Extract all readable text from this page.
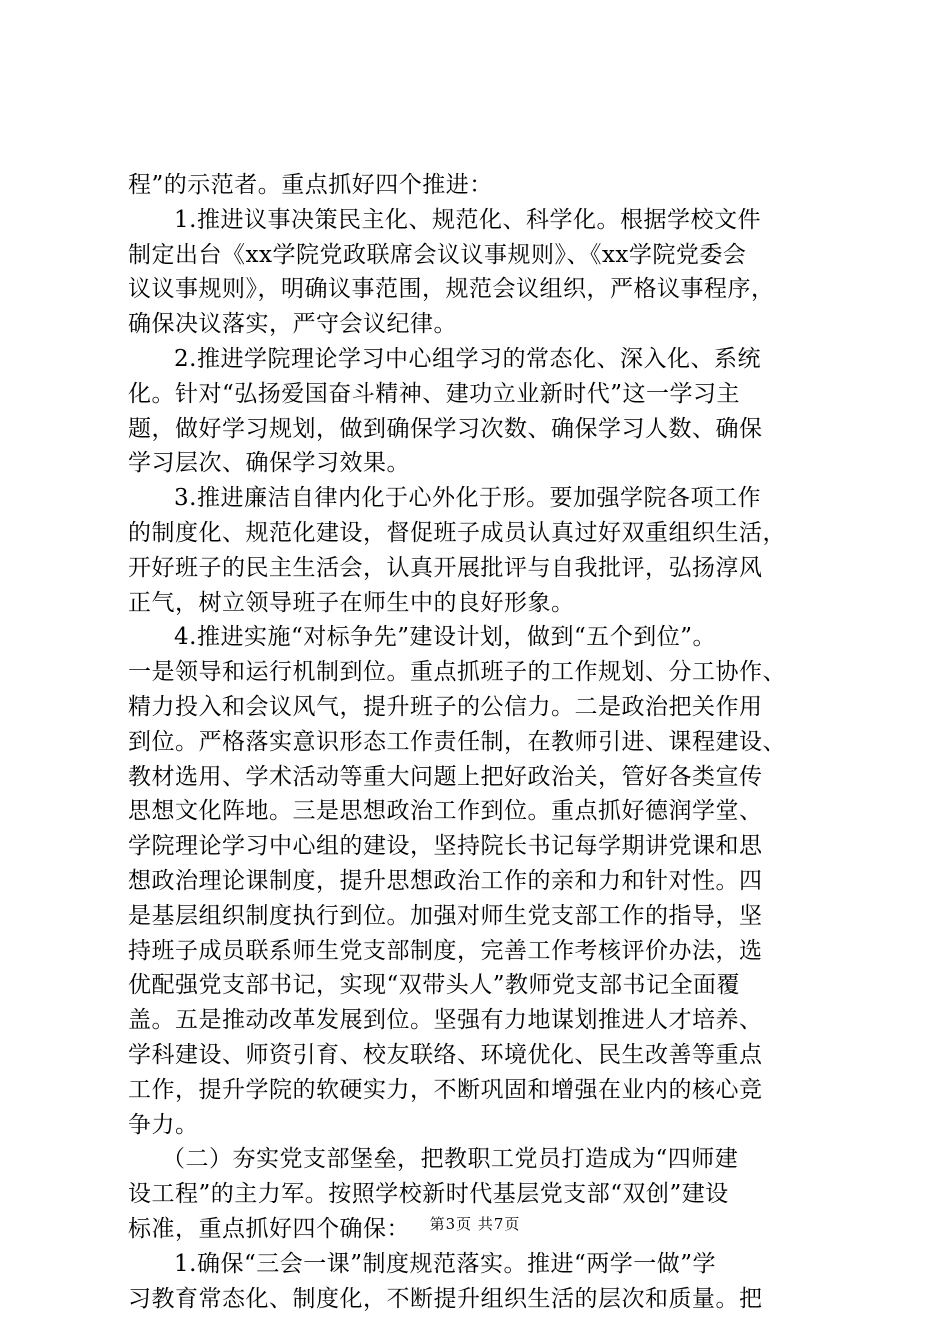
程”的示范者。重点抓好四个推进：
1.推进议事决策民主化、规范化、科学化。根据学校文件
制定出台《xx学院党政联席会议议事规则》、《xx学院党委会
议议事规则》，明确议事范围，规范会议组织，严格议事程序，
确保决议落实，严守会议纪律。
2.推进学院理论学习中心组学习的常态化、深入化、系统
化。针对“弘扬爱国奋斗精神、建功立业新时代”这一学习主
题，做好学习规划，做到确保学习次数、确保学习人数、确保
学习层次、确保学习效果。
3.推进廉洁自律内化于心外化于形。要加强学院各项工作
的制度化、规范化建设，督促班子成员认真过好双重组织生活，
开好班子的民主生活会，认真开展批评与自我批评，弘扬淳风
正气，树立领导班子在师生中的良好形象。
4.推进实施“对标争先”建设计划，做到“五个到位”。
一是领导和运行机制到位。重点抓班子的工作规划、分工协作、
精力投入和会议风气，提升班子的公信力。二是政治把关作用
到位。严格落实意识形态工作责任制，在教师引进、课程建设、
教材选用、学术活动等重大问题上把好政治关，管好各类宣传
思想文化阵地。三是思想政治工作到位。重点抓好德润学堂、
学院理论学习中心组的建设，坚持院长书记每学期讲党课和思
想政治理论课制度，提升思想政治工作的亲和力和针对性。四
是基层组织制度执行到位。加强对师生党支部工作的指导，坚
持班子成员联系师生党支部制度，完善工作考核评价办法，选
优配强党支部书记，实现“双带头人”教师党支部书记全面覆
盖。五是推动改革发展到位。坚强有力地谋划推进人才培养、
学科建设、师资引育、校友联络、环境优化、民生改善等重点
工作，提升学院的软硬实力，不断巩固和增强在业内的核心竞
争力。
（二）夯实党支部堡垒，把教职工党员打造成为“四师建
设工程”的主力军。按照学校新时代基层党支部“双创”建设
标准，重点抓好四个确保：
1.确保“三会一课”制度规范落实。推进“两学一做”学
习教育常态化、制度化，不断提升组织生活的层次和质量。把
第3页 共7页
